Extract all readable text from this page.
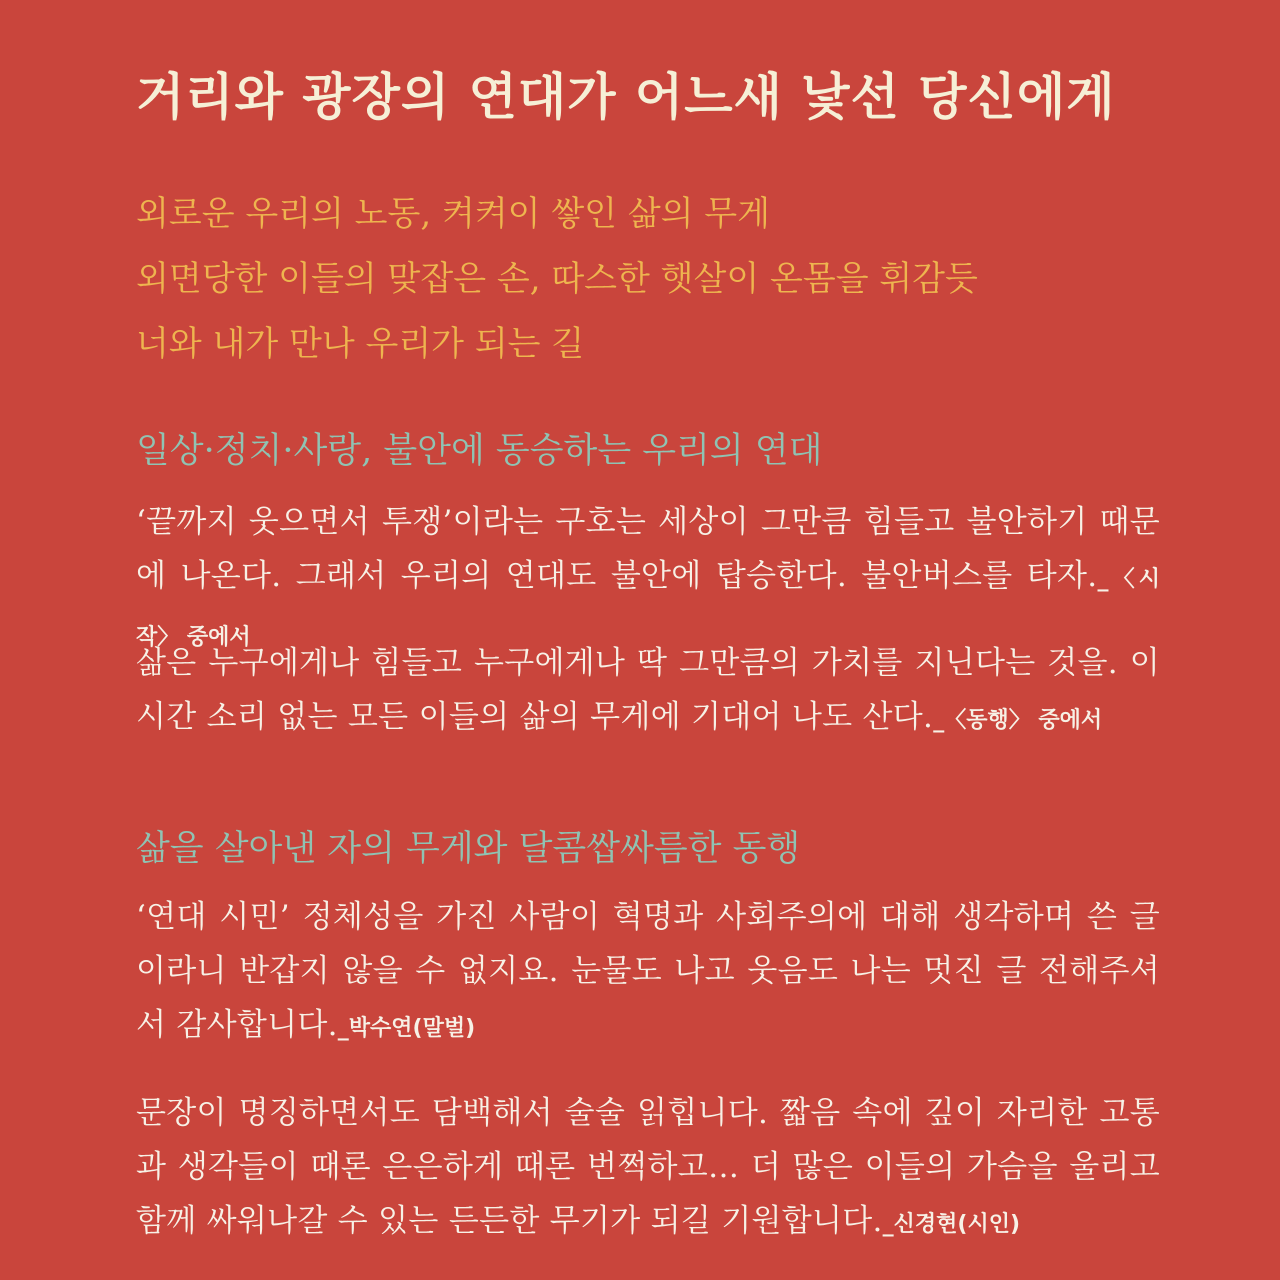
거리와 광장의 연대가 어느새 낯선 당신에게
외로운 우리의 노동, 켜켜이 쌓인 삶의 무게
외면당한 이들의 맞잡은 손, 따스한 햇살이 온몸을 휘감듯
너와 내가 만나 우리가 되는 길
일상·정치·사랑, 불안에 동승하는 우리의 연대

‘끝까지 웃으면서 투쟁’이라는 구호는 세상이 그만큼 힘들고 불안하기 때문에 나온다. 그래서 우리의 연대도 불안에 탑승한다. 불안버스를 타자._〈시작〉 중에서

삶은 누구에게나 힘들고 누구에게나 딱 그만큼의 가치를 지닌다는 것을. 이 시간 소리 없는 모든 이들의 삶의 무게에 기대어 나도 산다._〈동행〉 중에서

삶을 살아낸 자의 무게와 달콤쌉싸름한 동행

‘연대 시민’ 정체성을 가진 사람이 혁명과 사회주의에 대해 생각하며 쓴 글이라니 반갑지 않을 수 없지요. 눈물도 나고 웃음도 나는 멋진 글 전해주셔서 감사합니다._박수연(말벌)

문장이 명징하면서도 담백해서 술술 읽힙니다. 짧음 속에 깊이 자리한 고통과 생각들이 때론 은은하게 때론 번쩍하고… 더 많은 이들의 가슴을 울리고 함께 싸워나갈 수 있는 든든한 무기가 되길 기원합니다._신경현(시인)
